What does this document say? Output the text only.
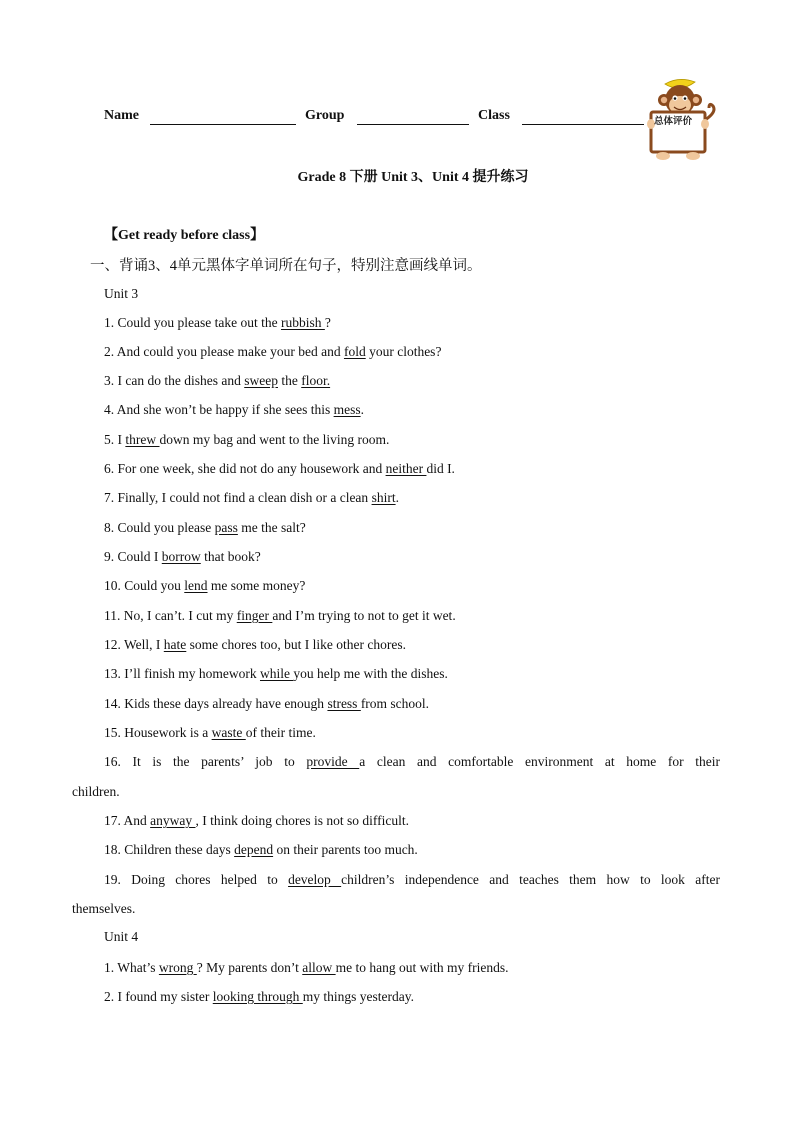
Name	Group	Class	总体评价
Grade 8 下册 Unit 3、Unit 4 提升练习
【Get ready before class】
一、背诵3、4单元黑体字单词所在句子，特别注意画线单词。
Unit 3
1. Could you please take out the rubbish ?
2. And could you please make your bed and fold your clothes?
3. I can do the dishes and sweep the floor.
4. And she won’t be happy if she sees this mess.
5. I threw down my bag and went to the living room.
6. For one week, she did not do any housework and neither did I.
7. Finally, I could not find a clean dish or a clean shirt.
8. Could you please pass me the salt?
9. Could I borrow that book?
10. Could you lend me some money?
11. No, I can’t. I cut my finger and I’m trying to not to get it wet.
12. Well, I hate some chores too, but I like other chores.
13. I’ll finish my homework while you help me with the dishes.
14. Kids these days already have enough stress from school.
15. Housework is a waste of their time.
16. It is the parents’ job to provide a clean and comfortable environment at home for their
children.
17. And anyway , I think doing chores is not so difficult.
18. Children these days depend on their parents too much.
19. Doing chores helped to develop children’s independence and teaches them how to look after
themselves.
Unit 4
1. What’s wrong ? My parents don’t allow me to hang out with my friends.
2. I found my sister looking through my things yesterday.
